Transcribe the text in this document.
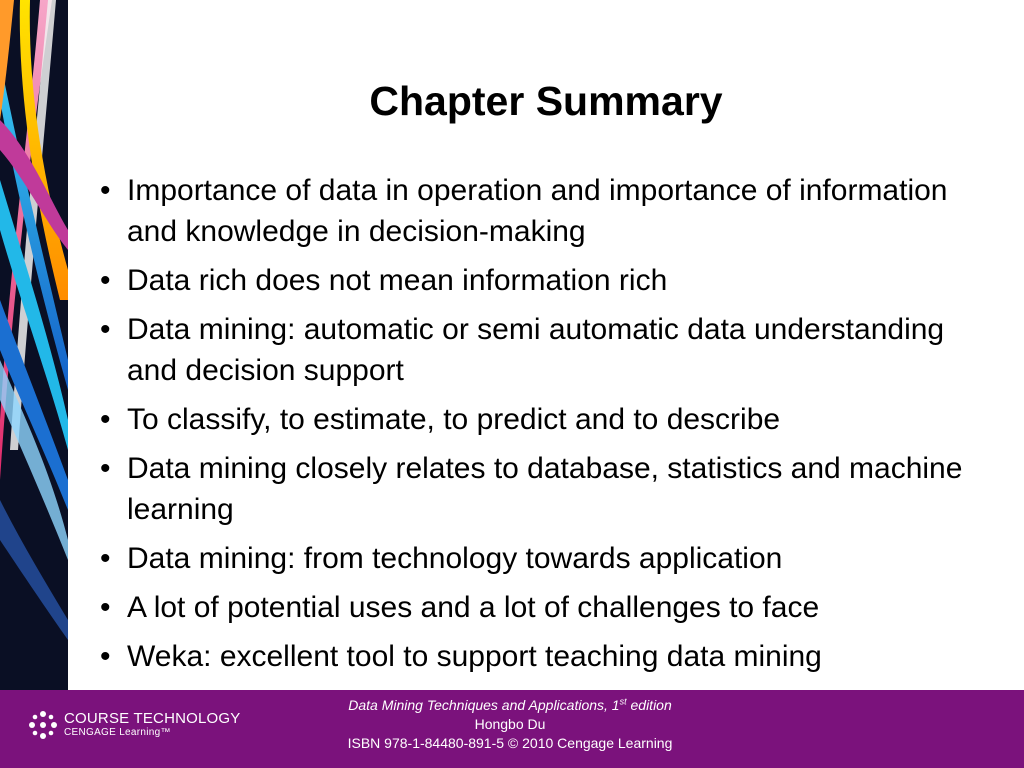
Chapter Summary
• Importance of data in operation and importance of information and knowledge in decision-making
• Data rich does not mean information rich
• Data mining: automatic or semi automatic data understanding and decision support
• To classify, to estimate, to predict and to describe
• Data mining closely relates to database, statistics and machine learning
• Data mining: from technology towards application
• A lot of potential uses and a lot of challenges to face
• Weka: excellent tool to support teaching data mining
COURSE TECHNOLOGY
CENGAGE Learning™
Data Mining Techniques and Applications, 1st edition
Hongbo Du
ISBN 978-1-84480-891-5 © 2010 Cengage Learning
